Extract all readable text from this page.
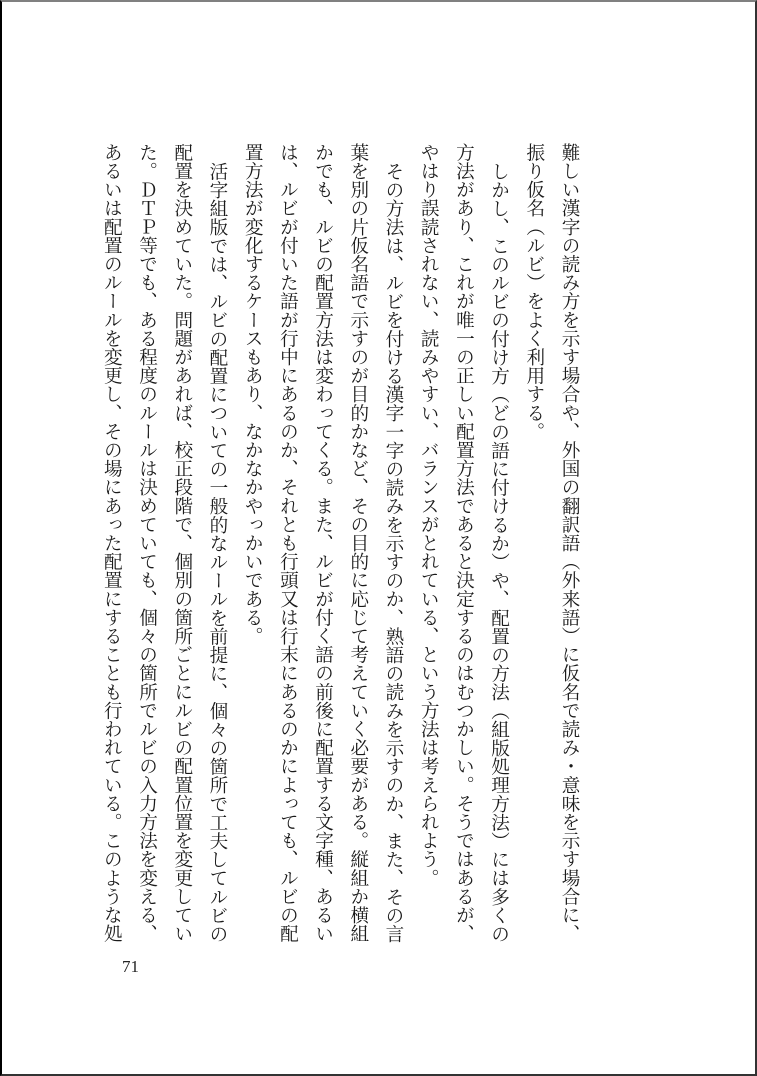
難しい漢字の読み方を示す場合や、外国の翻訳語（外来語）に仮名で読み・意味を示す場合に、
振り仮名（ルビ）をよく利用する。
しかし、このルビの付け方（どの語に付けるか）や、配置の方法（組版処理方法）には多くの
方法があり、これが唯一の正しい配置方法であると決定するのはむつかしい。そうではあるが、
やはり誤読されない、読みやすい、バランスがとれている、という方法は考えられよう。
その方法は、ルビを付ける漢字一字の読みを示すのか、熟語の読みを示すのか、また、その言
葉を別の片仮名語で示すのが目的かなど、その目的に応じて考えていく必要がある。縦組か横組
かでも、ルビの配置方法は変わってくる。また、ルビが付く語の前後に配置する文字種、あるい
は、ルビが付いた語が行中にあるのか、それとも行頭又は行末にあるのかによっても、ルビの配
置方法が変化するケースもあり、なかなかやっかいである。
活字組版では、ルビの配置についての一般的なルールを前提に、個々の箇所で工夫してルビの
配置を決めていた。問題があれば、校正段階で、個別の箇所ごとにルビの配置位置を変更してい
た。ＤＴＰ等でも、ある程度のルールは決めていても、個々の箇所でルビの入力方法を変える、
あるいは配置のルールを変更し、その場にあった配置にすることも行われている。このような処
71
